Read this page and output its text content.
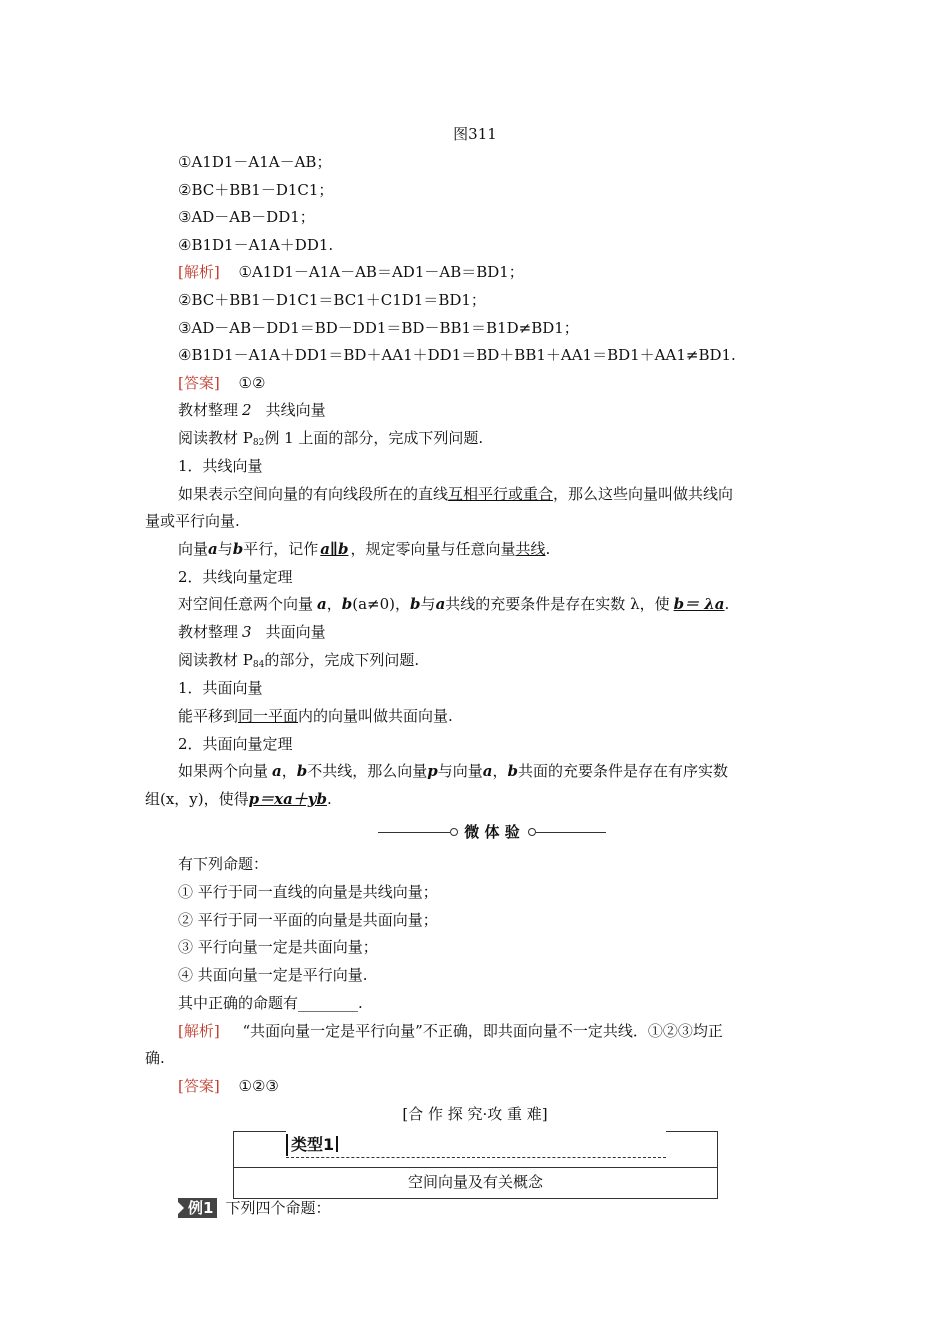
图311
①A1D1－A1A－AB；
②BC＋BB1－D1C1；
③AD－AB－DD1；
④B1D1－A1A＋DD1.
[解析] ①A1D1－A1A－AB＝AD1－AB＝BD1；
②BC＋BB1－D1C1＝BC1＋C1D1＝BD1；
③AD－AB－DD1＝BD－DD1＝BD－BB1＝B1D≠BD1；
④B1D1－A1A＋DD1＝BD＋AA1＋DD1＝BD＋BB1＋AA1＝BD1＋AA1≠BD1.
[答案] ①②
教材整理 2 共线向量
阅读教材 $P_{82}$例 1 上面的部分，完成下列问题.
1．共线向量
如果表示空间向量的有向线段所在的直线互相平行或重合，那么这些向量叫做共线向
量或平行向量.
向量a与b平行，记作 a∥b ，规定零向量与任意向量共线.
2．共线向量定理
对空间任意两个向量 a，b(a≠0)，b与a共线的充要条件是存在实数 λ，使 b＝ λa.
教材整理 3 共面向量
阅读教材 $P_{84}$的部分，完成下列问题.
1．共面向量
能平移到同一平面内的向量叫做共面向量.
2．共面向量定理
如果两个向量 a，b不共线，那么向量p与向量a，b共面的充要条件是存在有序实数
组(x，y)，使得p＝xa＋yb.
微 体 验
有下列命题：
① 平行于同一直线的向量是共线向量；
② 平行于同一平面的向量是共面向量；
③ 平行向量一定是共面向量；
④ 共面向量一定是平行向量.
其中正确的命题有________.
[解析] “共面向量一定是平行向量”不正确，即共面向量不一定共线．①②③均正
确.
[答案] ①②③
[合 作 探 究·攻 重 难]
类型1
空间向量及有关概念
例1 下列四个命题：
